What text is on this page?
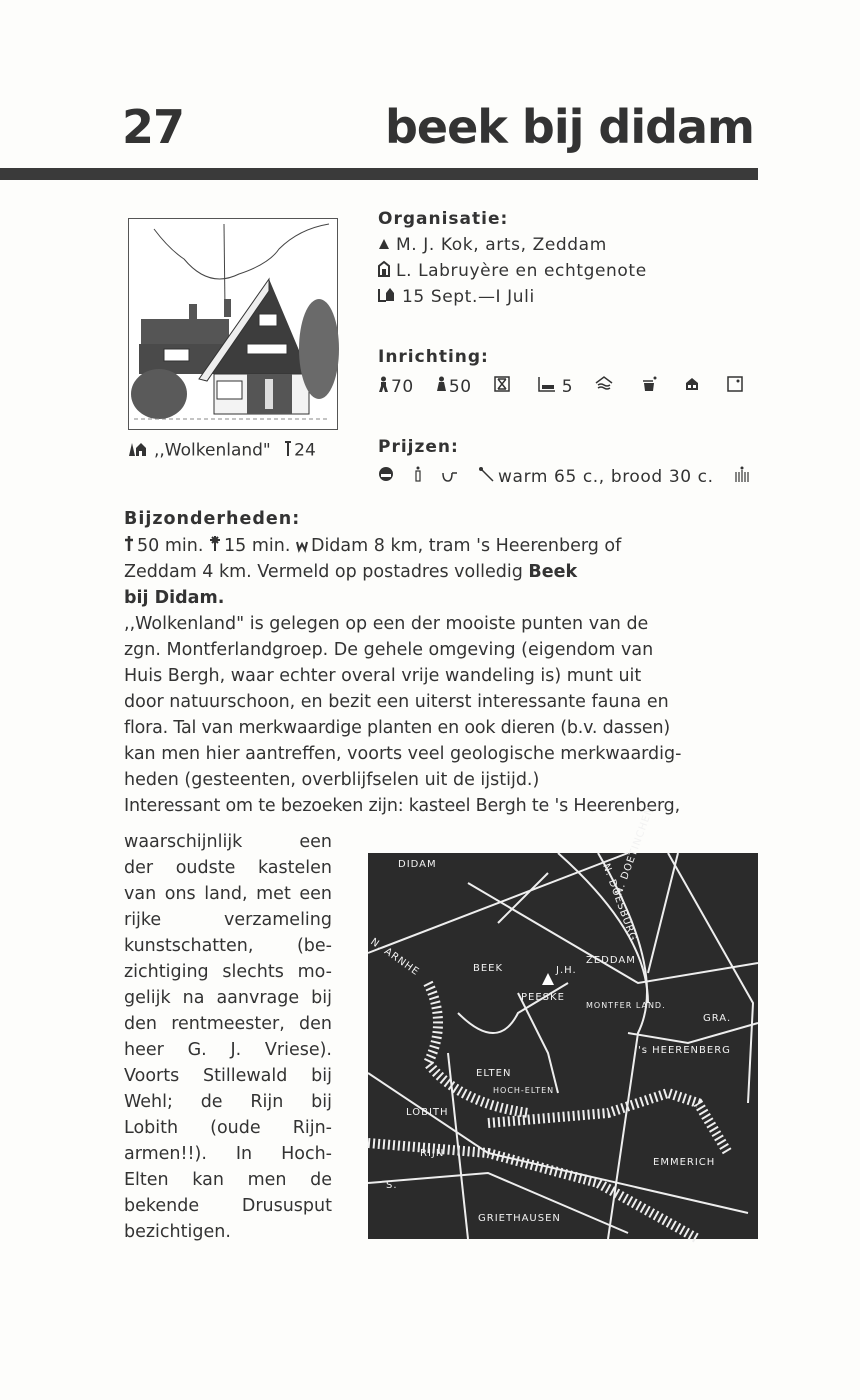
27	beek bij didam
,,Wolkenland" 24
Organisatie:
M. J. Kok, arts, Zeddam
L. Labruyère en echtgenote
15 Sept.—I Juli
Inrichting:
70 50	5
Prijzen:
warm 65 c., brood 30 c.
Bijzonderheden:

50 min. 15 min. Didam 8 km, tram 's Heerenberg of

Zeddam 4 km. Vermeld op postadres volledig Beek

bij Didam.

,,Wolkenland" is gelegen op een der mooiste punten van de

zgn. Montferlandgroep. De gehele omgeving (eigendom van

Huis Bergh, waar echter overal vrije wandeling is) munt uit

door natuurschoon, en bezit een uiterst interessante fauna en

flora. Tal van merkwaardige planten en ook dieren (b.v. dassen)

kan men hier aantreffen, voorts veel geologische merkwaardig-

heden (gesteenten, overblijfselen uit de ijstijd.)

Interessant om te bezoeken zijn: kasteel Bergh te 's Heerenberg,

waarschijnlijk een
der oudste kastelen
van ons land, met een
rijke verzameling
kunstschatten, (be-
zichtiging slechts mo-
gelijk na aanvrage bij
den rentmeester, den
heer G. J. Vriese).
Voorts Stillewald bij
Wehl; de Rijn bij
Lobith (oude Rijn-
armen!!). In Hoch-
Elten kan men de
bekende Drususput
bezichtigen.
DIDAM	N. DOESBURG
N. DOETINCHEM
N. ARNHE	BEEK	J.H.
ZEDDAM
PEESKE
MONTFER LAND.
GRA.
's HEERENBERG
ELTEN
HOCH-ELTEN
LOBITH
RIJN
EMMERICH
S.
GRIETHAUSEN
